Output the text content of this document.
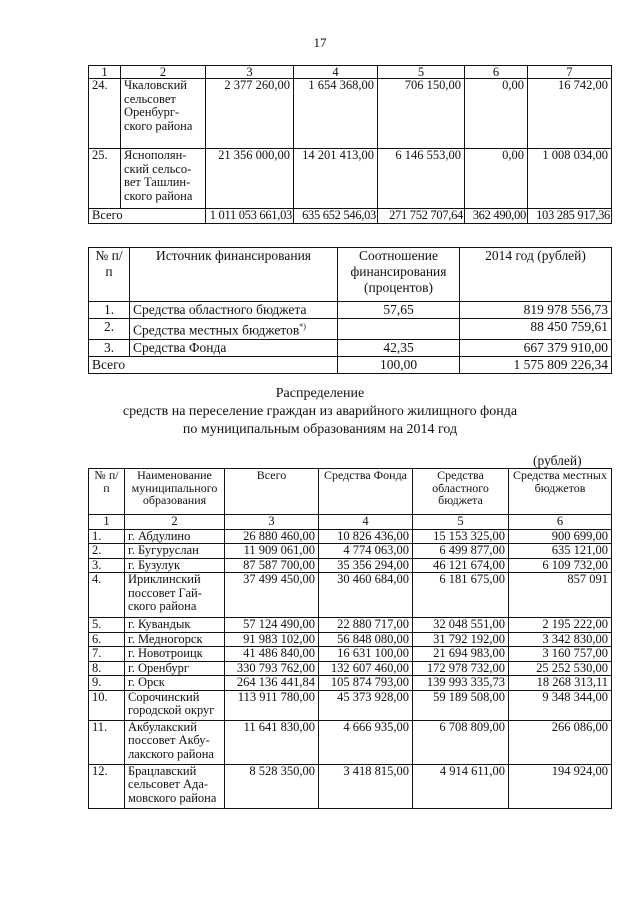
17
1	2	3	4	5	6	7
24.	Чкаловский сельсовет Оренбург-ского района	2 377 260,00	1 654 368,00	706 150,00	0,00	16 742,00
25.	Яснополян-ский сельсо-вет Ташлин-ского района	21 356 000,00	14 201 413,00	6 146 553,00	0,00	1 008 034,00
Всего		1 011 053 661,03	635 652 546,03	271 752 707,64	362 490,00	103 285 917,36
№ п/п	Источник финансирования	Соотношение финансирования (процентов)	2014 год (рублей)
1.	Средства областного бюджета	57,65	819 978 556,73
2.	Средства местных бюджетов*)		88 450 759,61
3.	Средства Фонда	42,35	667 379 910,00
Всего		100,00	1 575 809 226,34
Распределение
средств на переселение граждан из аварийного жилищного фонда
по муниципальным образованиям на 2014 год
(рублей)
№ п/п	Наименование муниципального образования	Всего	Средства Фонда	Средства областного бюджета	Средства местных бюджетов
1	2	3	4	5	6
1.	г. Абдулино	26 880 460,00	10 826 436,00	15 153 325,00	900 699,00
2.	г. Бугуруслан	11 909 061,00	4 774 063,00	6 499 877,00	635 121,00
3.	г. Бузулук	87 587 700,00	35 356 294,00	46 121 674,00	6 109 732,00
4.	Ириклинский поссовет Гай-ского района	37 499 450,00	30 460 684,00	6 181 675,00	857 091
5.	г. Кувандык	57 124 490,00	22 880 717,00	32 048 551,00	2 195 222,00
6.	г. Медногорск	91 983 102,00	56 848 080,00	31 792 192,00	3 342 830,00
7.	г. Новотроицк	41 486 840,00	16 631 100,00	21 694 983,00	3 160 757,00
8.	г. Оренбург	330 793 762,00	132 607 460,00	172 978 732,00	25 252 530,00
9.	г. Орск	264 136 441,84	105 874 793,00	139 993 335,73	18 268 313,11
10.	Сорочинский городской округ	113 911 780,00	45 373 928,00	59 189 508,00	9 348 344,00
11.	Акбулакский поссовет Акбу-лакского района	11 641 830,00	4 666 935,00	6 708 809,00	266 086,00
12.	Брацлавский сельсовет Ада-мовского района	8 528 350,00	3 418 815,00	4 914 611,00	194 924,00
